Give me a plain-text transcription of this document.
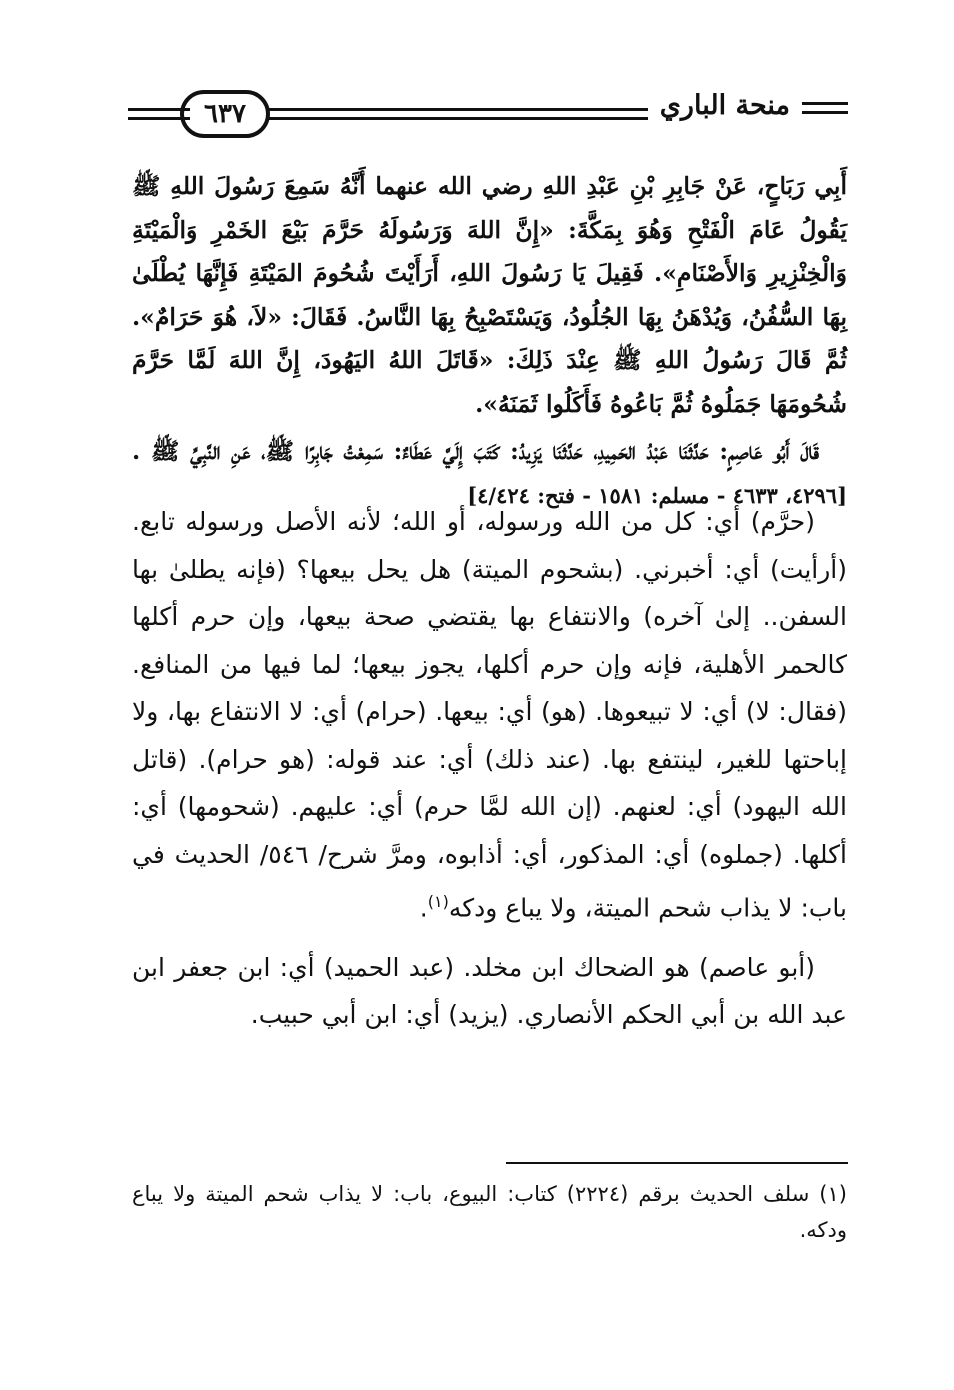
منحة الباري
٦٣٧

أَبِي رَبَاحٍ، عَنْ جَابِرِ بْنِ عَبْدِ اللهِ رضي الله عنهما أَنَّهُ سَمِعَ رَسُولَ اللهِ ﷺ يَقُولُ عَامَ الْفَتْحِ وَهُوَ بِمَكَّةَ: «إِنَّ اللهَ وَرَسُولَهُ حَرَّمَ بَيْعَ الخَمْرِ وَالْمَيْتَةِ وَالْخِنْزِيرِ وَالأَصْنَامِ». فَقِيلَ يَا رَسُولَ اللهِ، أَرَأَيْتَ شُحُومَ المَيْتَةِ فَإِنَّهَا يُطْلَىٰ بِهَا السُّفُنُ، وَيُدْهَنُ بِهَا الجُلُودُ، وَيَسْتَصْبِحُ بِهَا النَّاسُ. فَقَالَ: «لاَ، هُوَ حَرَامٌ». ثُمَّ قَالَ رَسُولُ اللهِ ﷺ عِنْدَ ذَلِكَ: «قَاتَلَ اللهُ اليَهُودَ، إِنَّ اللهَ لَمَّا حَرَّمَ شُحُومَهَا جَمَلُوهُ ثُمَّ بَاعُوهُ فَأَكَلُوا ثَمَنَهُ».

قَالَ أَبُو عَاصِمٍ: حَدَّثَنَا عَبْدُ الحَمِيدِ، حَدَّثَنَا يَزِيدُ: كَتَبَ إِلَيَّ عَطَاءٌ: سَمِعْتُ جَابِرًا ﷺ، عَنِ النَّبِيِّ ﷺ . [٤٢٩٦، ٤٦٣٣ - مسلم: ١٥٨١ - فتح: ٤/٤٢٤]

(حرَّم) أي: كل من الله ورسوله، أو الله؛ لأنه الأصل ورسوله تابع. (أرأيت) أي: أخبرني. (بشحوم الميتة) هل يحل بيعها؟ (فإنه يطلىٰ بها السفن.. إلىٰ آخره) والانتفاع بها يقتضي صحة بيعها، وإن حرم أكلها كالحمر الأهلية، فإنه وإن حرم أكلها، يجوز بيعها؛ لما فيها من المنافع. (فقال: لا) أي: لا تبيعوها. (هو) أي: بيعها. (حرام) أي: لا الانتفاع بها، ولا إباحتها للغير، لينتفع بها. (عند ذلك) أي: عند قوله: (هو حرام). (قاتل الله اليهود) أي: لعنهم. (إن الله لمَّا حرم) أي: عليهم. (شحومها) أي: أكلها. (جملوه) أي: المذكور، أي: أذابوه، ومرَّ شرح/ ٥٤٦/ الحديث في باب: لا يذاب شحم الميتة، ولا يباع ودكه$^{(١)}$.

(أبو عاصم) هو الضحاك ابن مخلد. (عبد الحميد) أي: ابن جعفر ابن عبد الله بن أبي الحكم الأنصاري. (يزيد) أي: ابن أبي حبيب.

(١) سلف الحديث برقم (٢٢٢٤) كتاب: البيوع، باب: لا يذاب شحم الميتة ولا يباع ودكه.
